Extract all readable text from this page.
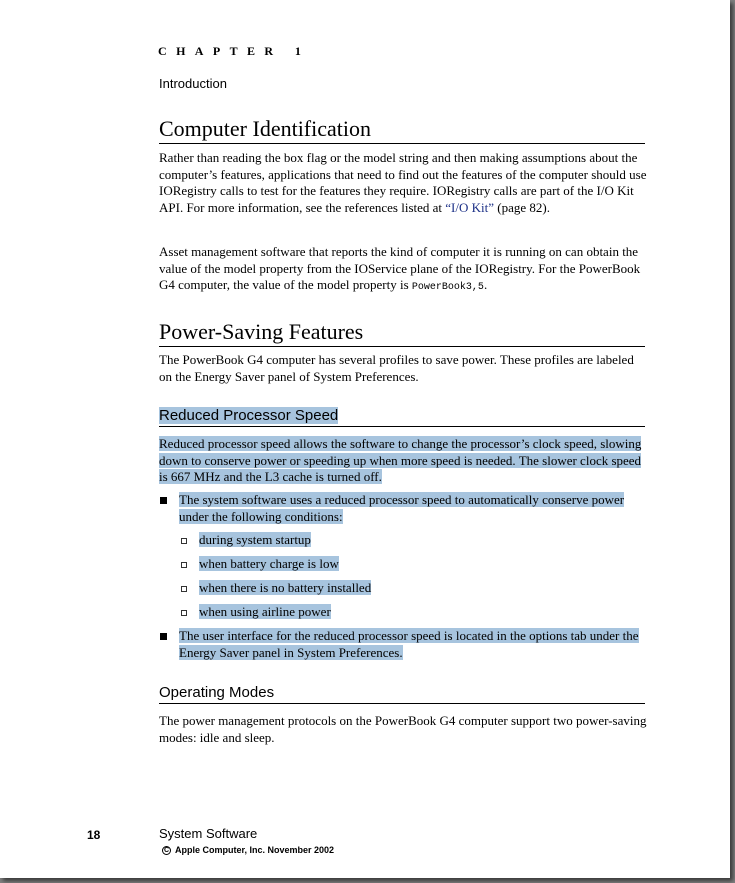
CHAPTER 1
Introduction
Computer Identification

Rather than reading the box flag or the model string and then making assumptions about the computer’s features, applications that need to find out the features of the computer should use IORegistry calls to test for the features they require. IORegistry calls are part of the I/O Kit API. For more information, see the references listed at “I/O Kit” (page 82).

Asset management software that reports the kind of computer it is running on can obtain the value of the model property from the IOService plane of the IORegistry. For the PowerBook G4 computer, the value of the model property is PowerBook3,5.

Power-Saving Features

The PowerBook G4 computer has several profiles to save power. These profiles are labeled on the Energy Saver panel of System Preferences.

Reduced Processor Speed

Reduced processor speed allows the software to change the processor’s clock speed, slowing down to conserve power or speeding up when more speed is needed. The slower clock speed is 667 MHz and the L3 cache is turned off.

The system software uses a reduced processor speed to automatically conserve power under the following conditions:

during system startup
when battery charge is low
when there is no battery installed
when using airline power

The user interface for the reduced processor speed is located in the options tab under the Energy Saver panel in System Preferences.

Operating Modes

The power management protocols on the PowerBook G4 computer support two power-saving modes: idle and sleep.

18	System Software
C Apple Computer, Inc. November 2002
